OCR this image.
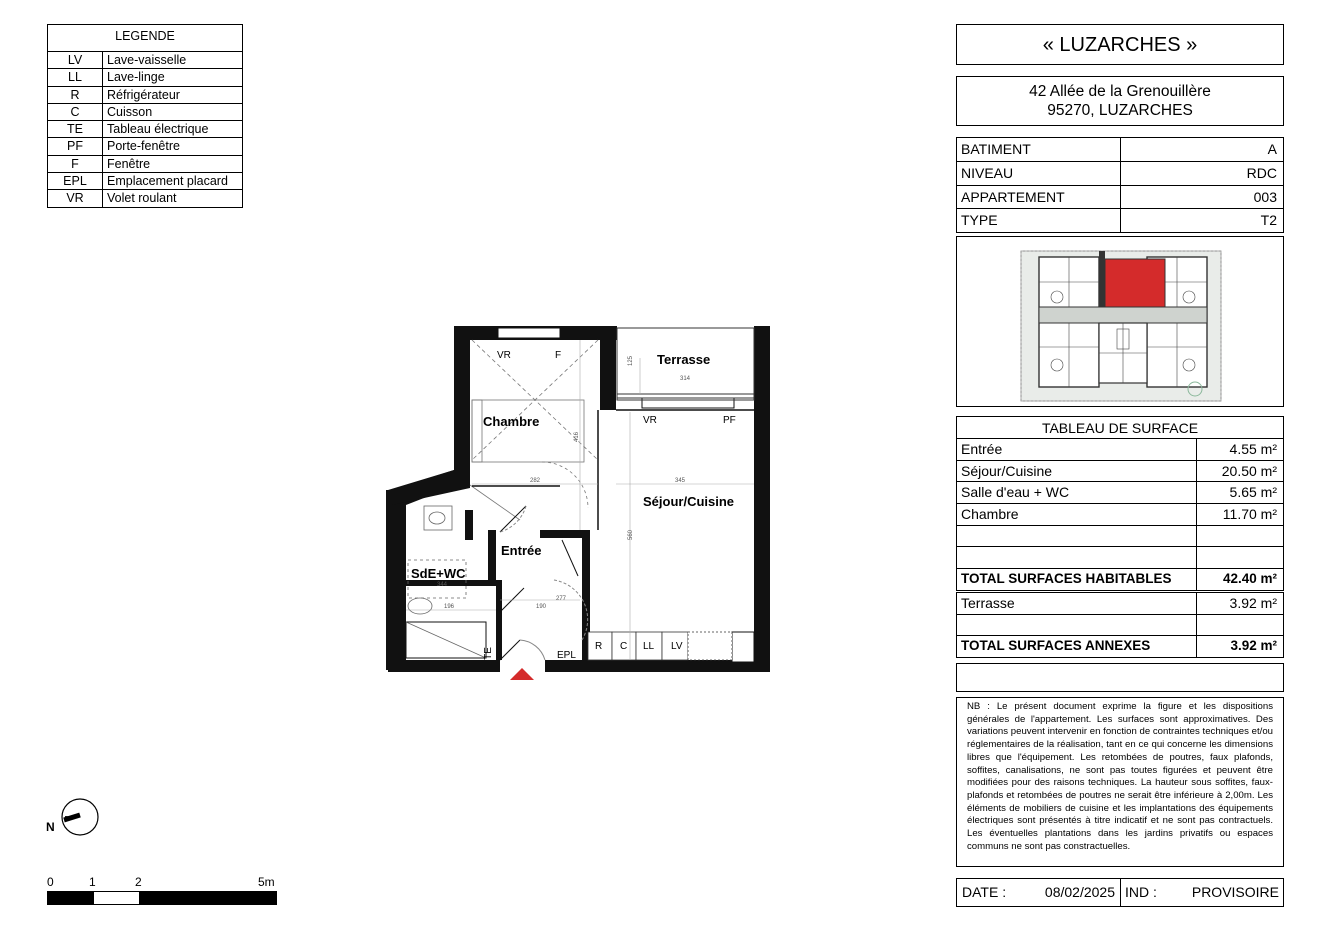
LEGENDE
LV	Lave-vaisselle
LL	Lave-linge
R	Réfrigérateur
C	Cuisson
TE	Tableau électrique
PF	Porte-fenêtre
F	Fenêtre
EPL	Emplacement placard
VR	Volet roulant
« LUZARCHES »
42 Allée de la Grenouillère
95270, LUZARCHES
BATIMENT	A
NIVEAU	RDC
APPARTEMENT	003
TYPE	T2
TABLEAU DE SURFACE
Entrée	4.55 m²
Séjour/Cuisine	20.50 m²
Salle d'eau + WC	5.65 m²
Chambre	11.70 m²
TOTAL SURFACES HABITABLES	42.40 m²
Terrasse	3.92 m²
TOTAL SURFACES ANNEXES	3.92 m²
NB : Le présent document exprime la figure et les dispositions générales de l'appartement. Les surfaces sont approximatives. Des variations peuvent intervenir en fonction de contraintes techniques et/ou réglementaires de la réalisation, tant en ce qui concerne les dimensions libres que l'équipement. Les retombées de poutres, faux plafonds, soffites, canalisations, ne sont pas toutes figurées et peuvent être modifiées pour des raisons techniques. La hauteur sous soffites, faux-plafonds et retombées de poutres ne serait être inférieure à 2,00m. Les éléments de mobiliers de cuisine et les implantations des équipements électriques sont présentés à titre indicatif et ne sont pas contractuels. Les éventuelles plantations dans les jardins privatifs ou espaces communs ne sont pas constractuelles.
DATE :	08/02/2025 IND : PROVISOIRE
Terrasse
Chambre
Séjour/Cuisine
Entrée
SdE+WC
VR	F
VR	PF
R C LL LV
EPL
TE
125
314
416
345
560
282
277
190
196
344
N
0	1	2	5m
